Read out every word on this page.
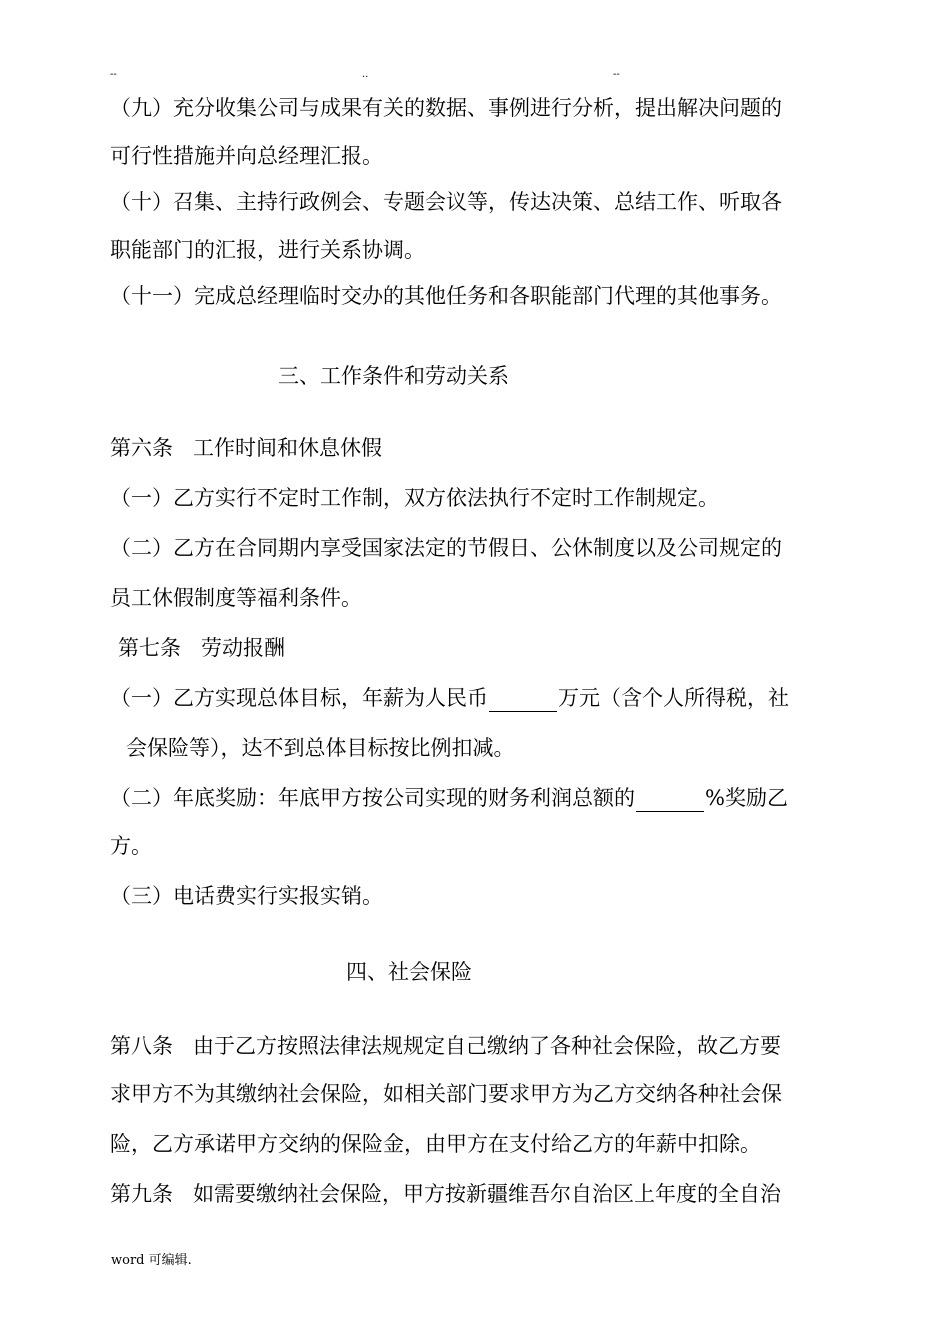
--	..	--
（九）充分收集公司与成果有关的数据、事例进行分析，提出解决问题的
可行性措施并向总经理汇报。
（十）召集、主持行政例会、专题会议等，传达决策、总结工作、听取各
职能部门的汇报，进行关系协调。
（十一）完成总经理临时交办的其他任务和各职能部门代理的其他事务。
三、工作条件和劳动关系
第六条 工作时间和休息休假
（一）乙方实行不定时工作制，双方依法执行不定时工作制规定。
（二）乙方在合同期内享受国家法定的节假日、公休制度以及公司规定的
员工休假制度等福利条件。
第七条 劳动报酬
（一）乙方实现总体目标，年薪为人民币	万元（含个人所得税，社
会保险等），达不到总体目标按比例扣减。
（二）年底奖励：年底甲方按公司实现的财务利润总额的	%奖励乙
方。
（三）电话费实行实报实销。
四、社会保险
第八条 由于乙方按照法律法规规定自己缴纳了各种社会保险，故乙方要
求甲方不为其缴纳社会保险，如相关部门要求甲方为乙方交纳各种社会保
险，乙方承诺甲方交纳的保险金，由甲方在支付给乙方的年薪中扣除。
第九条 如需要缴纳社会保险，甲方按新疆维吾尔自治区上年度的全自治
word 可编辑.
